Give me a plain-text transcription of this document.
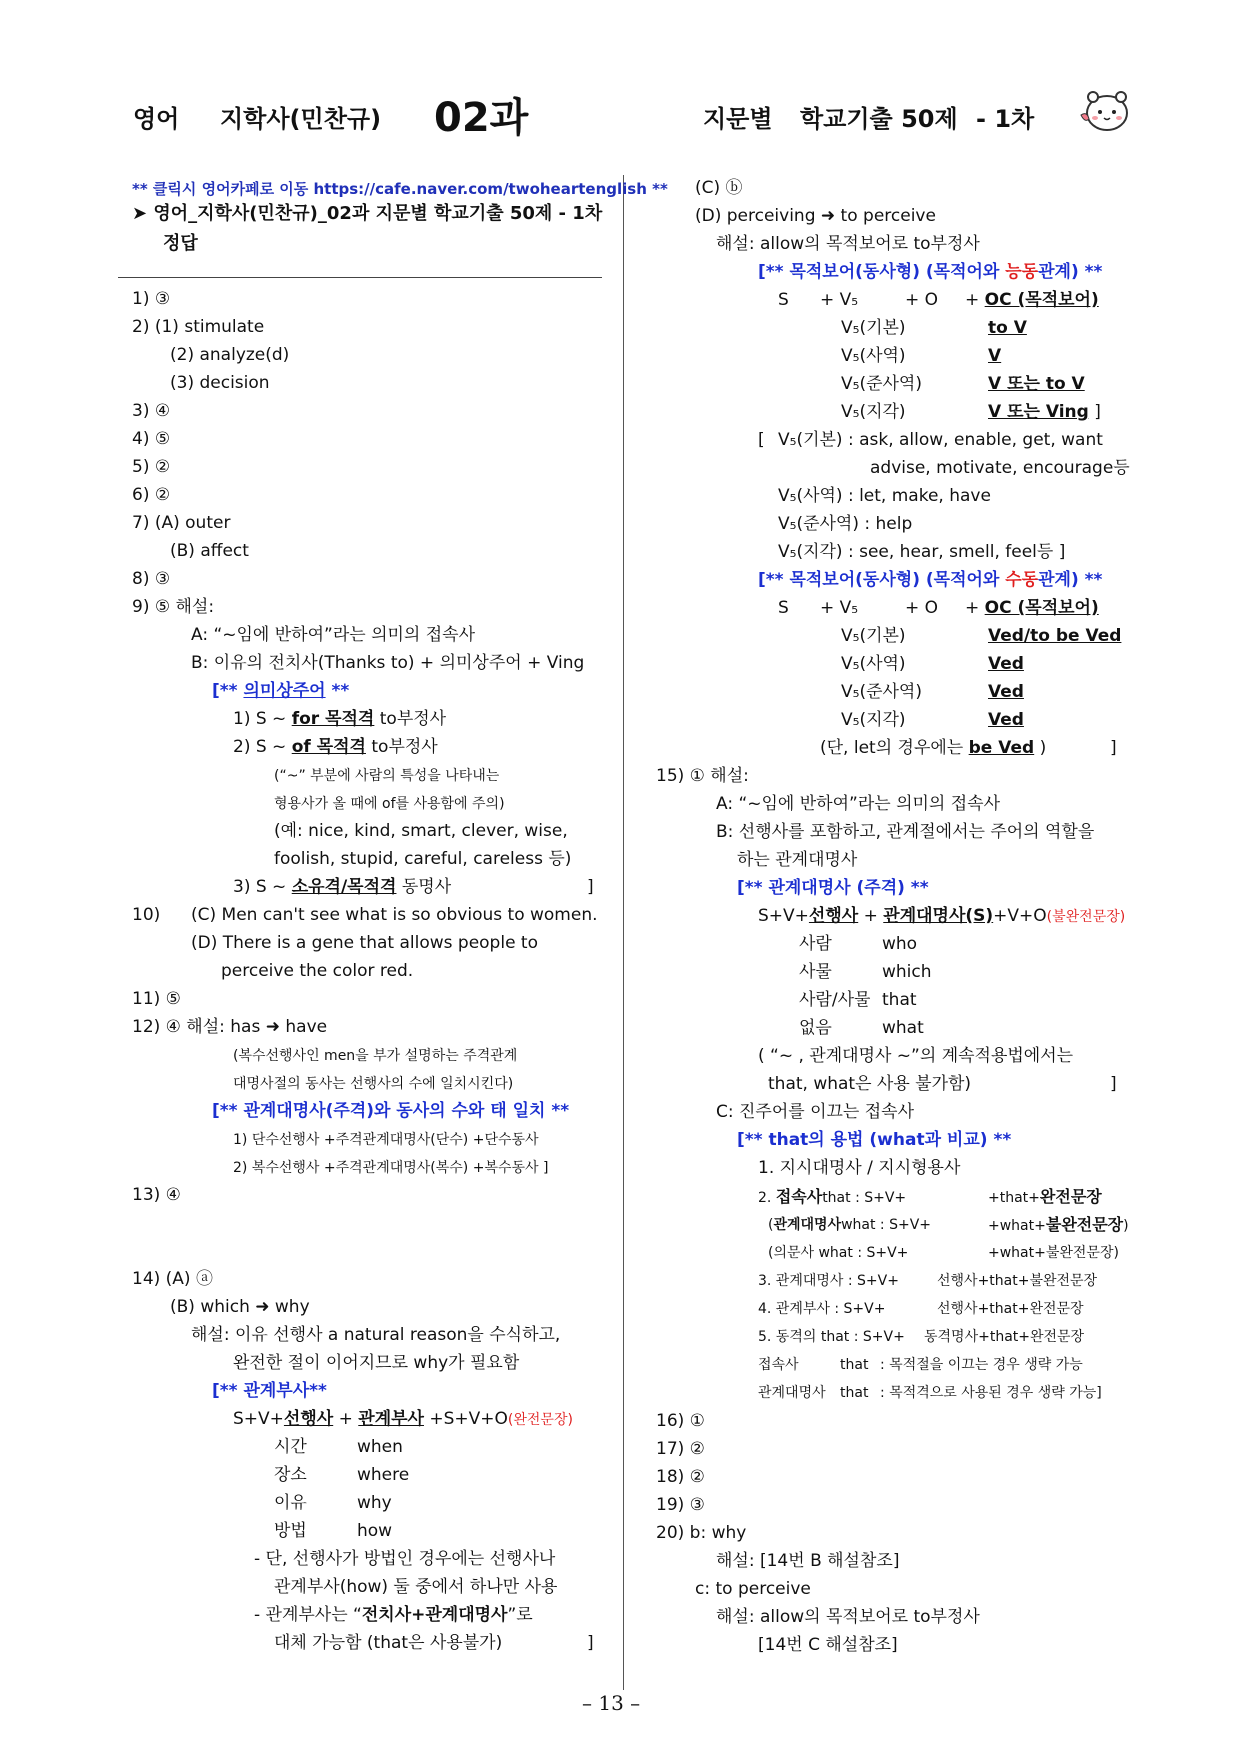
영어 지학사(민찬규) 02과	지문별 학교기출 50제 - 1차
** 클릭시 영어카페로 이동 https://cafe.naver.com/twoheartenglish **
➤ 영어_지학사(민찬규)_02과 지문별 학교기출 50제 - 1차
정답
1) ③
2) (1) stimulate
(2) analyze(d)
(3) decision
3) ④
4) ⑤
5) ②
6) ②
7) (A) outer
(B) affect
8) ③
9) ⑤ 해설:
A: “~임에 반하여”라는 의미의 접속사
B: 이유의 전치사(Thanks to) + 의미상주어 + Ving
[** 의미상주어 **
1) S ~ for 목적격 to부정사
2) S ~ of 목적격 to부정사
(“~” 부분에 사람의 특성을 나타내는
형용사가 올 때에 of를 사용함에 주의)
(예: nice, kind, smart, clever, wise,
foolish, stupid, careful, careless 등)
3) S ~ 소유격/목적격 동명사	]
10) (C) Men can't see what is so obvious to women.
(D) There is a gene that allows people to
perceive the color red.
11) ⑤
12) ④ 해설: has ➜ have
(복수선행사인 men을 부가 설명하는 주격관계
대명사절의 동사는 선행사의 수에 일치시킨다)
[** 관계대명사(주격)와 동사의 수와 태 일치 **
1) 단수선행사 +주격관계대명사(단수) +단수동사
2) 복수선행사 +주격관계대명사(복수) +복수동사 ]
13) ④
14) (A) ⓐ
(B) which ➜ why
해설: 이유 선행사 a natural reason을 수식하고,
완전한 절이 이어지므로 why가 필요함
[** 관계부사**
S+V+선행사 + 관계부사 +S+V+O(완전문장)
시간	when
장소	where
이유	why
방법	how
- 단, 선행사가 방법인 경우에는 선행사나
관계부사(how) 둘 중에서 하나만 사용
- 관계부사는 “전치사+관계대명사”로
대체 가능함 (that은 사용불가)	]
(C) ⓑ
(D) perceiving ➜ to perceive
해설: allow의 목적보어로 to부정사
[** 목적보어(동사형) (목적어와 능동관계) **
S + V₅	+ O + OC (목적보어)
V₅(기본)	to V
V₅(사역)	V
V₅(준사역)	V 또는 to V
V₅(지각)	V 또는 Ving ]
[ V₅(기본) : ask, allow, enable, get, want
advise, motivate, encourage등
V₅(사역) : let, make, have
V₅(준사역) : help
V₅(지각) : see, hear, smell, feel등 ]
[** 목적보어(동사형) (목적어와 수동관계) **
S + V₅	+ O + OC (목적보어)
V₅(기본)	Ved/to be Ved
V₅(사역)	Ved
V₅(준사역)	Ved
V₅(지각)	Ved
(단, let의 경우에는 be Ved )	]
15) ① 해설:
A: “~임에 반하여”라는 의미의 접속사
B: 선행사를 포함하고, 관계절에서는 주어의 역할을
하는 관계대명사
[** 관계대명사 (주격) **
S+V+선행사 + 관계대명사(S)+V+O(불완전문장)
사람	who
사물	which
사람/사물 that
없음	what
( “~ , 관계대명사 ~”의 계속적용법에서는
that, what은 사용 불가함)	]
C: 진주어를 이끄는 접속사
[** that의 용법 (what과 비교) **
1. 지시대명사 / 지시형용사
2. 접속사that : S+V+	+that+완전문장
(관계대명사what : S+V+	+what+불완전문장)
(의문사 what : S+V+	+what+불완전문장)
3. 관계대명사 : S+V+	선행사+that+불완전문장
4. 관계부사 : S+V+	선행사+that+완전문장
5. 동격의 that : S+V+ 동격명사+that+완전문장
접속사	that : 목적절을 이끄는 경우 생략 가능
관계대명사 that : 목적격으로 사용된 경우 생략 가능]
16) ①
17) ②
18) ②
19) ③
20) b: why
해설: [14번 B 해설참조]
c: to perceive
해설: allow의 목적보어로 to부정사
[14번 C 해설참조]
– 13 –
